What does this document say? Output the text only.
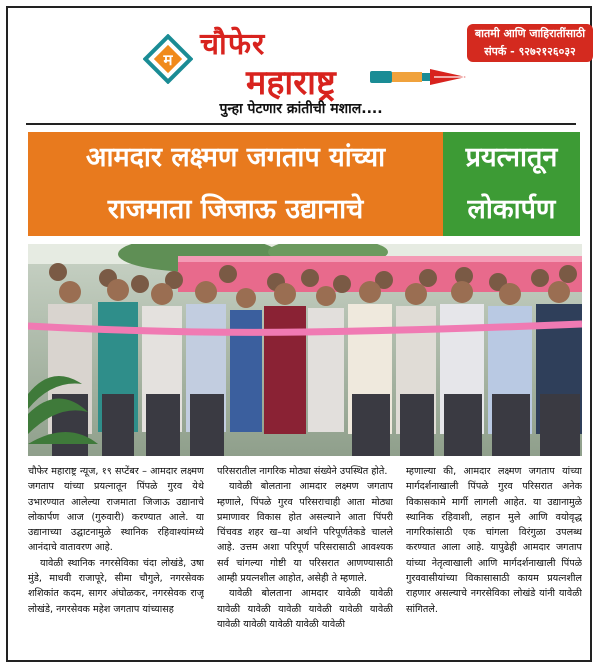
म चौफेर
महाराष्ट्र
बातमी आणि जाहिरातींसाठी
संपर्क - ९२७२१२६०३२
पुन्हा पेटणार क्रांतीची मशाल....
आमदार लक्ष्मण जगताप यांच्या	प्रयत्नातून
राजमाता जिजाऊ उद्यानाचे	लोकार्पण

चौफेर महाराष्ट्र न्यूज, १९ सप्टेंबर – आमदार लक्ष्मण जगताप यांच्या प्रयत्नातून पिंपळे गुरव येथे उभारण्यात आलेल्या राजमाता जिजाऊ उद्यानाचे लोकार्पण आज (गुरुवारी) करण्यात आले. या उद्यानाच्या उद्घाटनामुळे स्थानिक रहिवाश्यांमध्ये आनंदाचे वातावरण आहे.

यावेळी स्थानिक नगरसेविका चंदा लोखंडे, उषा मुंडे, माधवी राजापूरे, सीमा चौगुले, नगरसेवक शशिकांत कदम, सागर अंघोळकर, नगरसेवक राजू लोखंडे, नगरसेवक महेश जगताप यांच्यासह

परिसरातील नागरिक मोठ्या संख्येने उपस्थित होते.

यावेळी बोलताना आमदार लक्ष्मण जगताप म्हणाले, पिंपळे गुरव परिसराचाही आता मोठ्या प्रमाणावर विकास होत असल्याने आता पिंपरी चिंचवड शहर ख–या अर्थाने परिपूर्णतेकडे चालले आहे. उत्तम अशा परिपूर्ण परिसरासाठी आवश्यक सर्व चांगल्या गोष्टी या परिसरात आणण्यासाठी आम्ही प्रयत्नशील आहोत, असेही ते म्हणाले.

यावेळी बोलताना आमदार यावेळी यावेळी यावेळी यावेळी यावेळी यावेळी यावेळी यावेळी यावेळी यावेळी यावेळी यावेळी यावेळी

म्हणाल्या की, आमदार लक्ष्मण जगताप यांच्या मार्गदर्शनाखाली पिंपळे गुरव परिसरात अनेक विकासकामे मार्गी लागली आहेत. या उद्यानामुळे स्थानिक रहिवाशी, लहान मुले आणि वयोवृद्ध नागरिकांसाठी एक चांगला विरंगुळा उपलब्ध करण्यात आला आहे. यापुढेही आमदार जगताप यांच्या नेतृत्वाखाली आणि मार्गदर्शनाखाली पिंपळे गुरववासीयांच्या विकासासाठी कायम प्रयत्नशील राहणार असल्याचे नगरसेविका लोखंडे यांनी यावेळी सांगितले.
